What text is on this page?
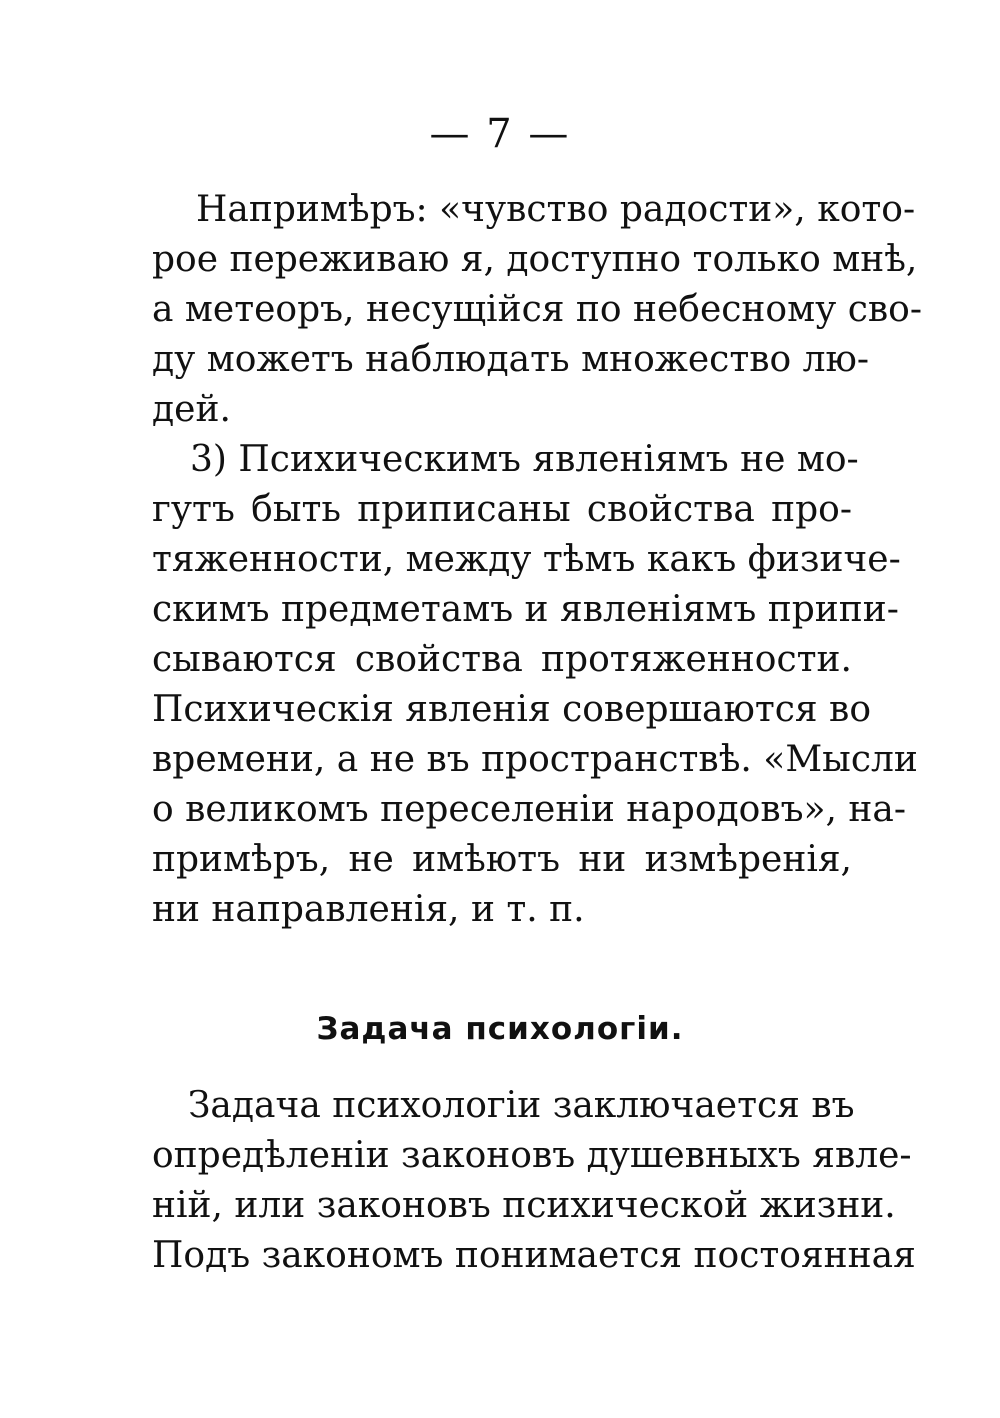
— 7 —
Напримѣръ: «чувство радости», кото-
рое переживаю я, доступно только мнѣ,
а метеоръ, несущійся по небесному сво-
ду можетъ наблюдать множество лю-
дей.
3) Психическимъ явленіямъ не мо-
гутъ быть приписаны свойства про-
тяженности, между тѣмъ какъ физиче-
скимъ предметамъ и явленіямъ припи-
сываются свойства протяженности.
Психическія явленія совершаются во
времени, а не въ пространствѣ. «Мысли
о великомъ переселеніи народовъ», на-
примѣръ, не имѣютъ ни измѣренія,
ни направленія, и т. п.
Задача психологіи.
Задача психологіи заключается въ
опредѣленіи законовъ душевныхъ явле-
ній, или законовъ психической жизни.
Подъ закономъ понимается постоянная
